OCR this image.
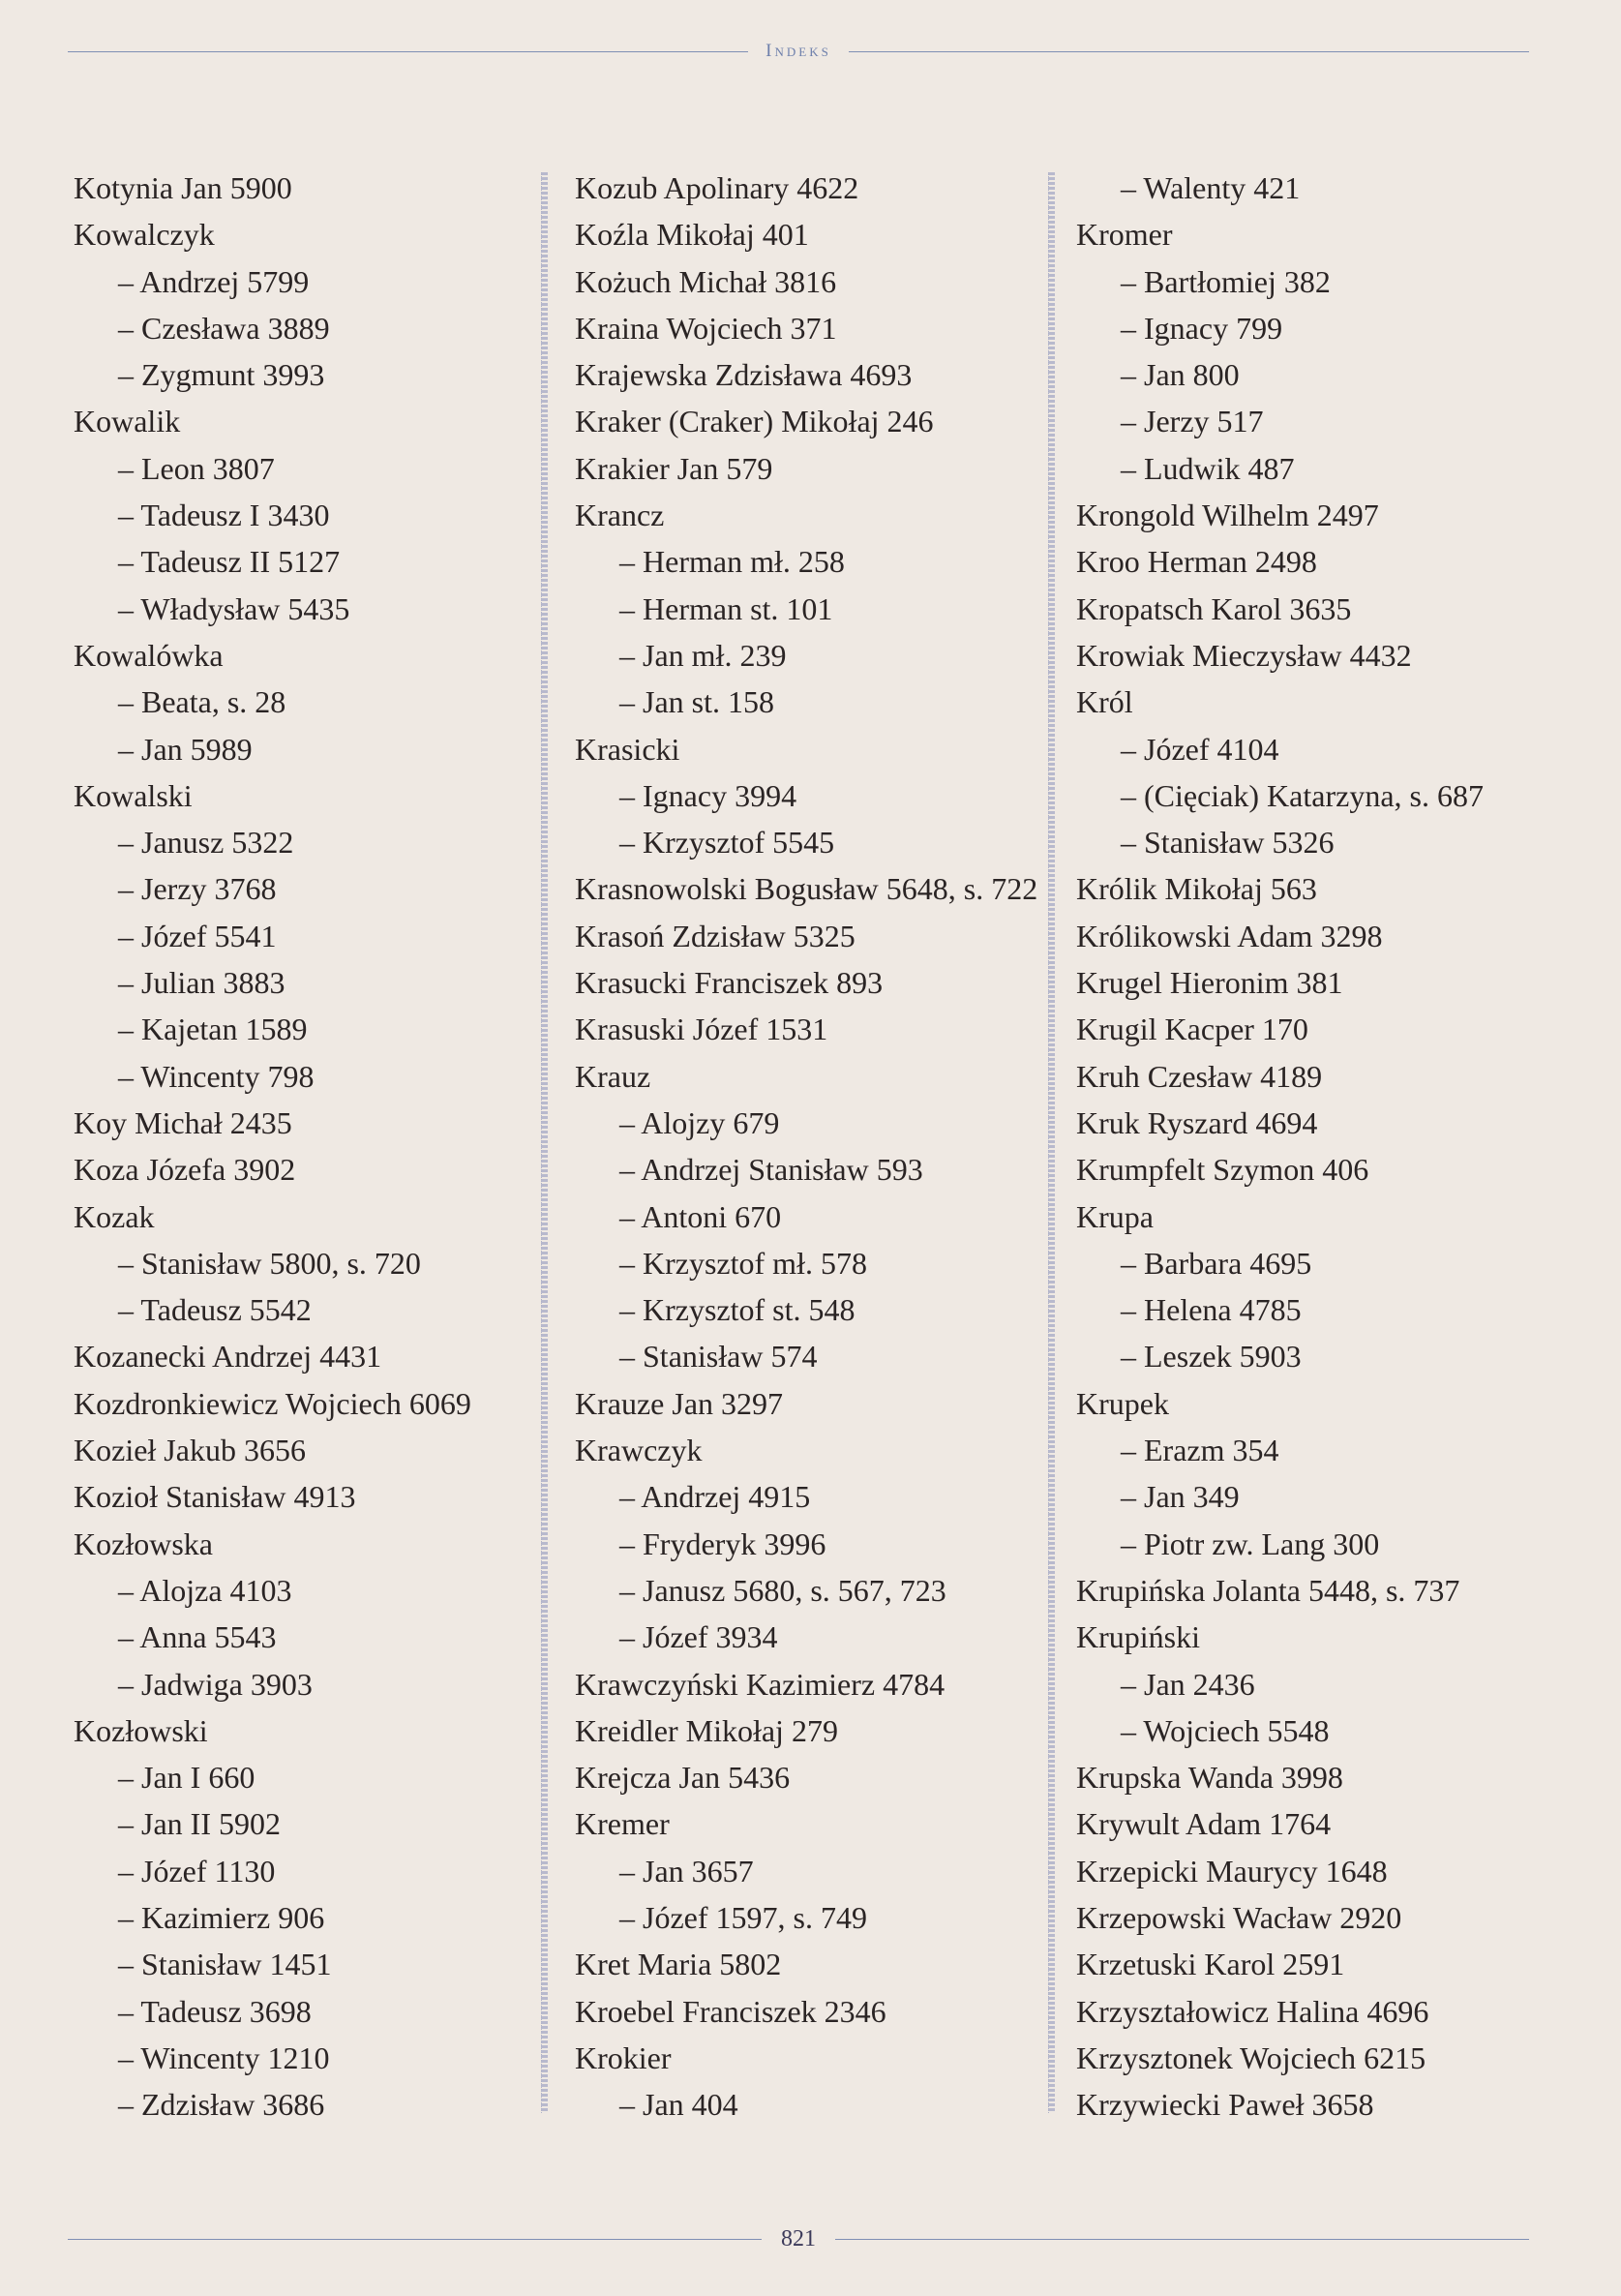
Indeks
Kotynia Jan 5900
Kowalczyk
– Andrzej 5799
– Czesława 3889
– Zygmunt 3993
Kowalik
– Leon 3807
– Tadeusz I 3430
– Tadeusz II 5127
– Władysław 5435
Kowalówka
– Beata, s. 28
– Jan 5989
Kowalski
– Janusz 5322
– Jerzy 3768
– Józef 5541
– Julian 3883
– Kajetan 1589
– Wincenty 798
Koy Michał 2435
Koza Józefa 3902
Kozak
– Stanisław 5800, s. 720
– Tadeusz 5542
Kozanecki Andrzej 4431
Kozdronkiewicz Wojciech 6069
Kozieł Jakub 3656
Kozioł Stanisław 4913
Kozłowska
– Alojza 4103
– Anna 5543
– Jadwiga 3903
Kozłowski
– Jan I 660
– Jan II 5902
– Józef 1130
– Kazimierz 906
– Stanisław 1451
– Tadeusz 3698
– Wincenty 1210
– Zdzisław 3686
Kozub Apolinary 4622
Koźla Mikołaj 401
Kożuch Michał 3816
Kraina Wojciech 371
Krajewska Zdzisława 4693
Kraker (Craker) Mikołaj 246
Krakier Jan 579
Krancz
– Herman mł. 258
– Herman st. 101
– Jan mł. 239
– Jan st. 158
Krasicki
– Ignacy 3994
– Krzysztof 5545
Krasnowolski Bogusław 5648, s. 722
Krasoń Zdzisław 5325
Krasucki Franciszek 893
Krasuski Józef 1531
Krauz
– Alojzy 679
– Andrzej Stanisław 593
– Antoni 670
– Krzysztof mł. 578
– Krzysztof st. 548
– Stanisław 574
Krauze Jan 3297
Krawczyk
– Andrzej 4915
– Fryderyk 3996
– Janusz 5680, s. 567, 723
– Józef 3934
Krawczyński Kazimierz 4784
Kreidler Mikołaj 279
Krejcza Jan 5436
Kremer
– Jan 3657
– Józef 1597, s. 749
Kret Maria 5802
Kroebel Franciszek 2346
Krokier
– Jan 404
– Walenty 421
Kromer
– Bartłomiej 382
– Ignacy 799
– Jan 800
– Jerzy 517
– Ludwik 487
Krongold Wilhelm 2497
Kroo Herman 2498
Kropatsch Karol 3635
Krowiak Mieczysław 4432
Król
– Józef 4104
– (Cięciak) Katarzyna, s. 687
– Stanisław 5326
Królik Mikołaj 563
Królikowski Adam 3298
Krugel Hieronim 381
Krugil Kacper 170
Kruh Czesław 4189
Kruk Ryszard 4694
Krumpfelt Szymon 406
Krupa
– Barbara 4695
– Helena 4785
– Leszek 5903
Krupek
– Erazm 354
– Jan 349
– Piotr zw. Lang 300
Krupińska Jolanta 5448, s. 737
Krupiński
– Jan 2436
– Wojciech 5548
Krupska Wanda 3998
Krywult Adam 1764
Krzepicki Maurycy 1648
Krzepowski Wacław 2920
Krzetuski Karol 2591
Krzyształowicz Halina 4696
Krzysztonek Wojciech 6215
Krzywiecki Paweł 3658
821
